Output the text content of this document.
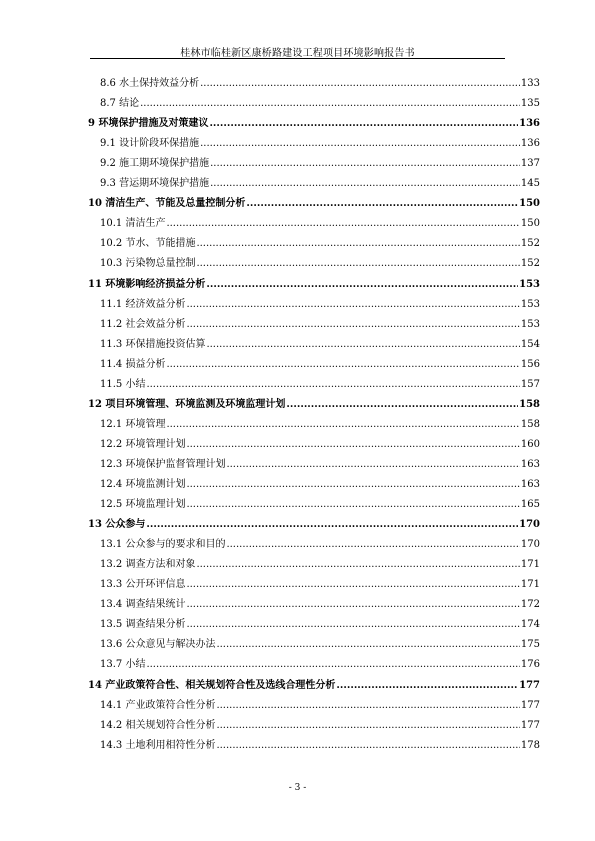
桂林市临桂新区康桥路建设工程项目环境影响报告书
8.6 水土保持效益分析 .....	133
8.7 结论 .....	135
9 环境保护措施及对策建议 .....	136
9.1 设计阶段环保措施 .....	136
9.2 施工期环境保护措施 .....	137
9.3 营运期环境保护措施 .....	145
10 清洁生产、节能及总量控制分析 .....	150
10.1 清洁生产 .....	150
10.2 节水、节能措施 .....	152
10.3 污染物总量控制 .....	152
11 环境影响经济损益分析 .....	153
11.1 经济效益分析 .....	153
11.2 社会效益分析 .....	153
11.3 环保措施投资估算 .....	154
11.4 损益分析 .....	156
11.5 小结 .....	157
12 项目环境管理、环境监测及环境监理计划 .....	158
12.1 环境管理 .....	158
12.2 环境管理计划 .....	160
12.3 环境保护监督管理计划 .....	163
12.4 环境监测计划 .....	163
12.5 环境监理计划 .....	165
13 公众参与 .....	170
13.1 公众参与的要求和目的 .....	170
13.2 调查方法和对象 .....	171
13.3 公开环评信息 .....	171
13.4 调查结果统计 .....	172
13.5 调查结果分析 .....	174
13.6 公众意见与解决办法 .....	175
13.7 小结 .....	176
14 产业政策符合性、相关规划符合性及选线合理性分析 .....	177
14.1 产业政策符合性分析 .....	177
14.2 相关规划符合性分析 .....	177
14.3 土地利用相符性分析 .....	178
- 3 -
